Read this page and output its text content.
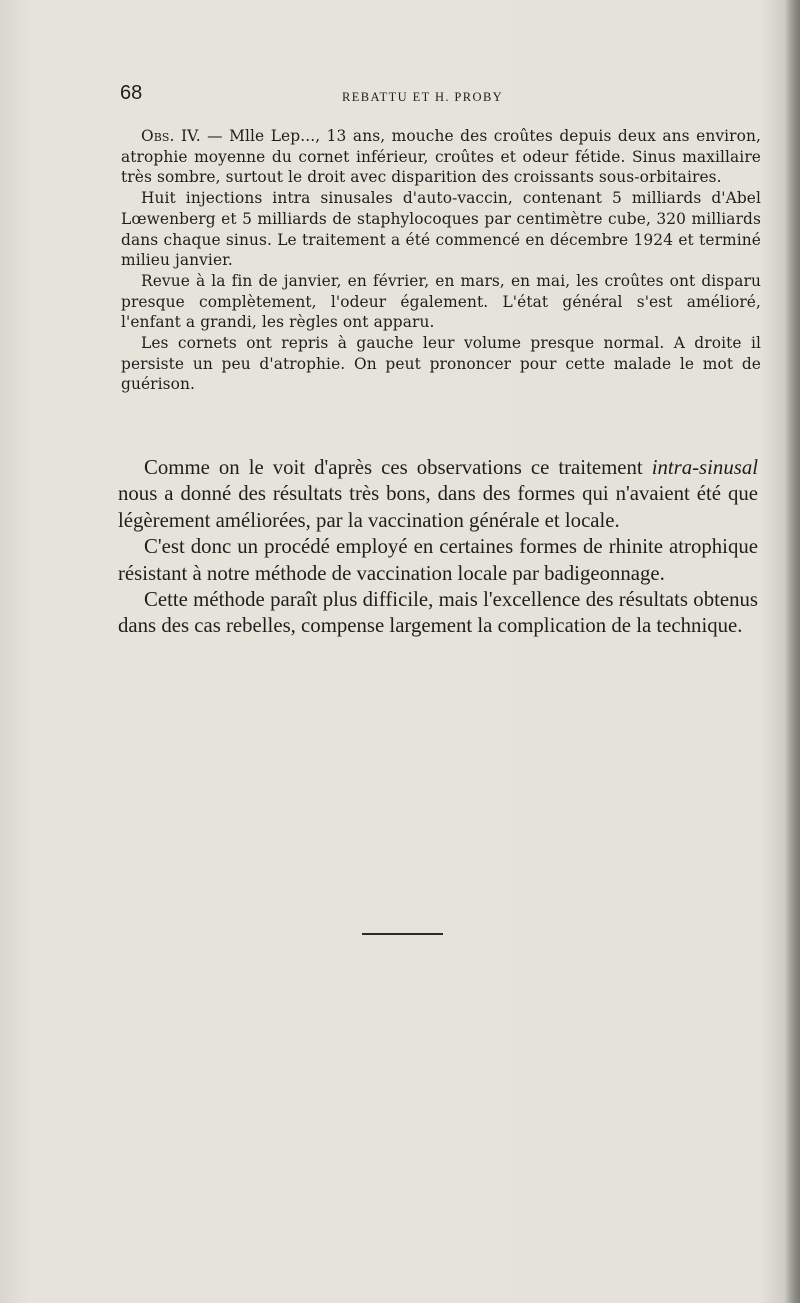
68	REBATTU ET H. PROBY

Obs. IV. — Mlle Lep..., 13 ans, mouche des croûtes depuis deux ans environ, atrophie moyenne du cornet inférieur, croûtes et odeur fétide. Sinus maxillaire très sombre, surtout le droit avec disparition des croissants sous-orbitaires.

Huit injections intra sinusales d'auto-vaccin, contenant 5 milliards d'Abel Lœwenberg et 5 milliards de staphylocoques par centimètre cube, 320 milliards dans chaque sinus. Le traitement a été commencé en décembre 1924 et terminé milieu janvier.

Revue à la fin de janvier, en février, en mars, en mai, les croûtes ont disparu presque complètement, l'odeur également. L'état général s'est amélioré, l'enfant a grandi, les règles ont apparu.

Les cornets ont repris à gauche leur volume presque normal. A droite il persiste un peu d'atrophie. On peut prononcer pour cette malade le mot de guérison.

Comme on le voit d'après ces observations ce traitement intra-sinusal nous a donné des résultats très bons, dans des formes qui n'avaient été que légèrement améliorées, par la vaccination générale et locale.

C'est donc un procédé employé en certaines formes de rhinite atrophique résistant à notre méthode de vaccination locale par badigeonnage.

Cette méthode paraît plus difficile, mais l'excellence des résultats obtenus dans des cas rebelles, compense largement la complication de la technique.
